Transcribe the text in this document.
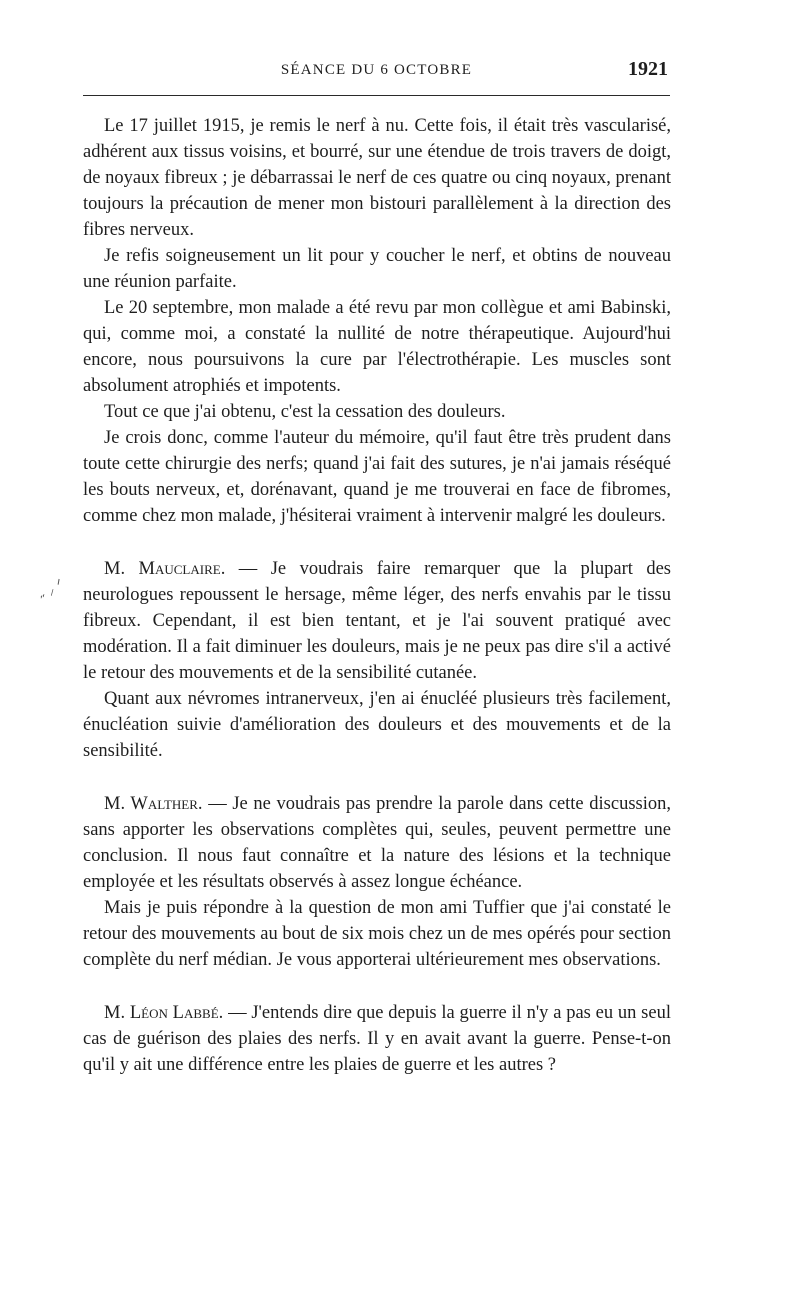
SÉANCE DU 6 OCTOBRE	1921
˶ ⸝ ᐟ

Le 17 juillet 1915, je remis le nerf à nu. Cette fois, il était très vascularisé, adhérent aux tissus voisins, et bourré, sur une étendue de trois travers de doigt, de noyaux fibreux ; je débarrassai le nerf de ces quatre ou cinq noyaux, prenant toujours la précaution de mener mon bistouri parallèlement à la direction des fibres nerveux.

Je refis soigneusement un lit pour y coucher le nerf, et obtins de nouveau une réunion parfaite.

Le 20 septembre, mon malade a été revu par mon collègue et ami Babinski, qui, comme moi, a constaté la nullité de notre thérapeutique. Aujourd'hui encore, nous poursuivons la cure par l'électrothérapie. Les muscles sont absolument atrophiés et impotents.

Tout ce que j'ai obtenu, c'est la cessation des douleurs.

Je crois donc, comme l'auteur du mémoire, qu'il faut être très prudent dans toute cette chirurgie des nerfs; quand j'ai fait des sutures, je n'ai jamais réséqué les bouts nerveux, et, dorénavant, quand je me trouverai en face de fibromes, comme chez mon malade, j'hésiterai vraiment à intervenir malgré les douleurs.

M. Mauclaire. — Je voudrais faire remarquer que la plupart des neurologues repoussent le hersage, même léger, des nerfs envahis par le tissu fibreux. Cependant, il est bien tentant, et je l'ai souvent pratiqué avec modération. Il a fait diminuer les douleurs, mais je ne peux pas dire s'il a activé le retour des mouvements et de la sensibilité cutanée.

Quant aux névromes intranerveux, j'en ai énucléé plusieurs très facilement, énucléation suivie d'amélioration des douleurs et des mouvements et de la sensibilité.

M. Walther. — Je ne voudrais pas prendre la parole dans cette discussion, sans apporter les observations complètes qui, seules, peuvent permettre une conclusion. Il nous faut connaître et la nature des lésions et la technique employée et les résultats observés à assez longue échéance.

Mais je puis répondre à la question de mon ami Tuffier que j'ai constaté le retour des mouvements au bout de six mois chez un de mes opérés pour section complète du nerf médian. Je vous apporterai ultérieurement mes observations.

M. Léon Labbé. — J'entends dire que depuis la guerre il n'y a pas eu un seul cas de guérison des plaies des nerfs. Il y en avait avant la guerre. Pense-t-on qu'il y ait une différence entre les plaies de guerre et les autres ?
